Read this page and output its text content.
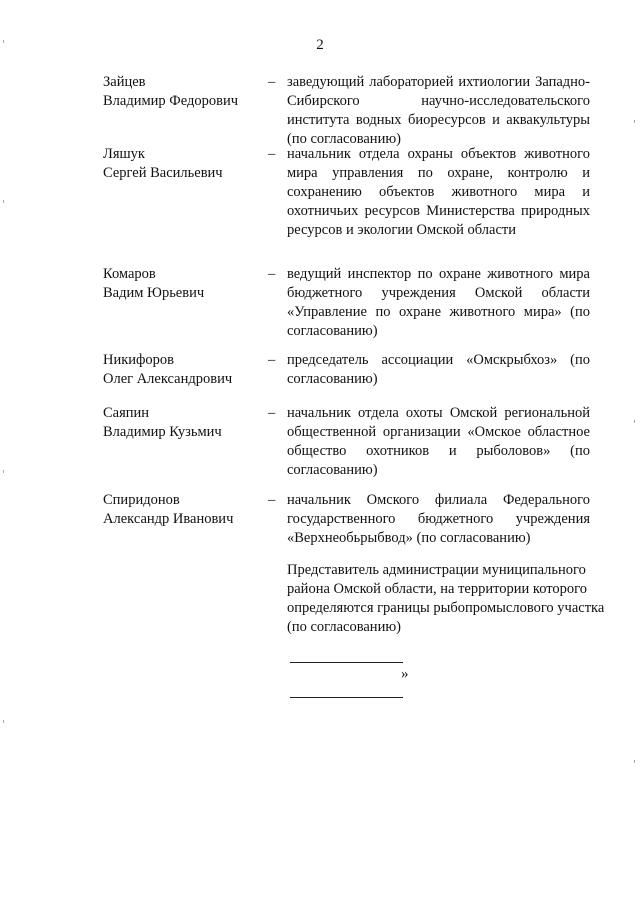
2
Зайцев
Владимир Федорович
– заведующий лабораторией ихтиологии Западно-Сибирского научно-исследовательского института водных биоресурсов и аквакультуры (по согласованию)
Ляшук
Сергей Васильевич
– начальник отдела охраны объектов животного мира управления по охране, контролю и сохранению объектов животного мира и охотничьих ресурсов Министерства природных ресурсов и экологии Омской области
Комаров
Вадим Юрьевич
– ведущий инспектор по охране животного мира бюджетного учреждения Омской области «Управление по охране животного мира» (по согласованию)
Никифоров
Олег Александрович
– председатель ассоциации «Омскрыбхоз» (по согласованию)
Саяпин
Владимир Кузьмич
– начальник отдела охоты Омской региональной общественной организации «Омское областное общество охотников и рыболовов» (по согласованию)
Спиридонов
Александр Иванович
– начальник Омского филиала Федерального государственного бюджетного учреждения «Верхнеобьрыбвод» (по согласованию)
Представитель администрации муниципального района Омской области, на территории которого определяются границы рыбопромыслового участка (по согласованию)
»
